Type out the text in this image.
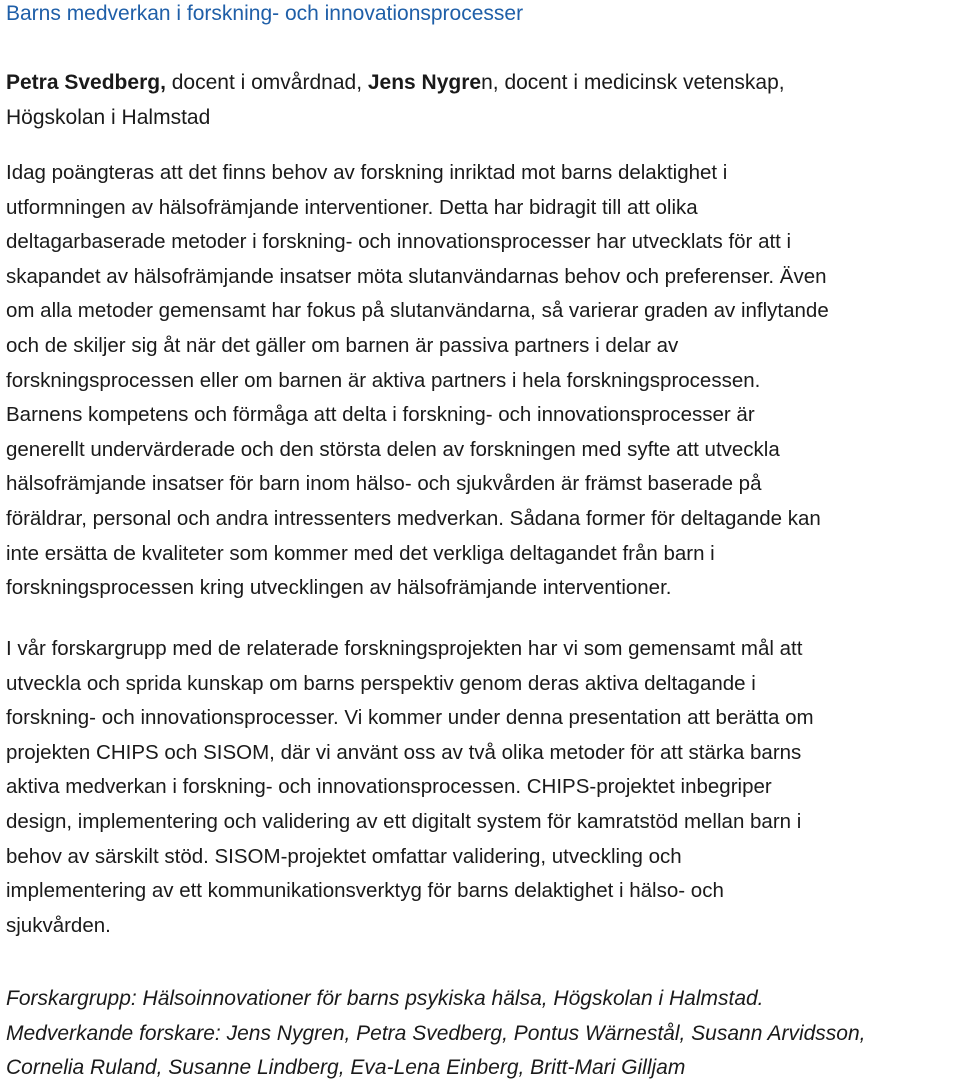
Barns medverkan i forskning- och innovationsprocesser

Petra Svedberg, docent i omvårdnad, Jens Nygren, docent i medicinsk vetenskap,
Högskolan i Halmstad

Idag poängteras att det finns behov av forskning inriktad mot barns delaktighet i
utformningen av hälsofrämjande interventioner. Detta har bidragit till att olika
deltagarbaserade metoder i forskning- och innovationsprocesser har utvecklats för att i
skapandet av hälsofrämjande insatser möta slutanvändarnas behov och preferenser. Även
om alla metoder gemensamt har fokus på slutanvändarna, så varierar graden av inflytande
och de skiljer sig åt när det gäller om barnen är passiva partners i delar av
forskningsprocessen eller om barnen är aktiva partners i hela forskningsprocessen.
Barnens kompetens och förmåga att delta i forskning- och innovationsprocesser är
generellt undervärderade och den största delen av forskningen med syfte att utveckla
hälsofrämjande insatser för barn inom hälso- och sjukvården är främst baserade på
föräldrar, personal och andra intressenters medverkan. Sådana former för deltagande kan
inte ersätta de kvaliteter som kommer med det verkliga deltagandet från barn i
forskningsprocessen kring utvecklingen av hälsofrämjande interventioner.

I vår forskargrupp med de relaterade forskningsprojekten har vi som gemensamt mål att
utveckla och sprida kunskap om barns perspektiv genom deras aktiva deltagande i
forskning- och innovationsprocesser. Vi kommer under denna presentation att berätta om
projekten CHIPS och SISOM, där vi använt oss av två olika metoder för att stärka barns
aktiva medverkan i forskning- och innovationsprocessen. CHIPS-projektet inbegriper
design, implementering och validering av ett digitalt system för kamratstöd mellan barn i
behov av särskilt stöd. SISOM-projektet omfattar validering, utveckling och
implementering av ett kommunikationsverktyg för barns delaktighet i hälso- och
sjukvården.

Forskargrupp: Hälsoinnovationer för barns psykiska hälsa, Högskolan i Halmstad.
Medverkande forskare: Jens Nygren, Petra Svedberg, Pontus Wärnestål, Susann Arvidsson,
Cornelia Ruland, Susanne Lindberg, Eva-Lena Einberg, Britt-Mari Gilljam
